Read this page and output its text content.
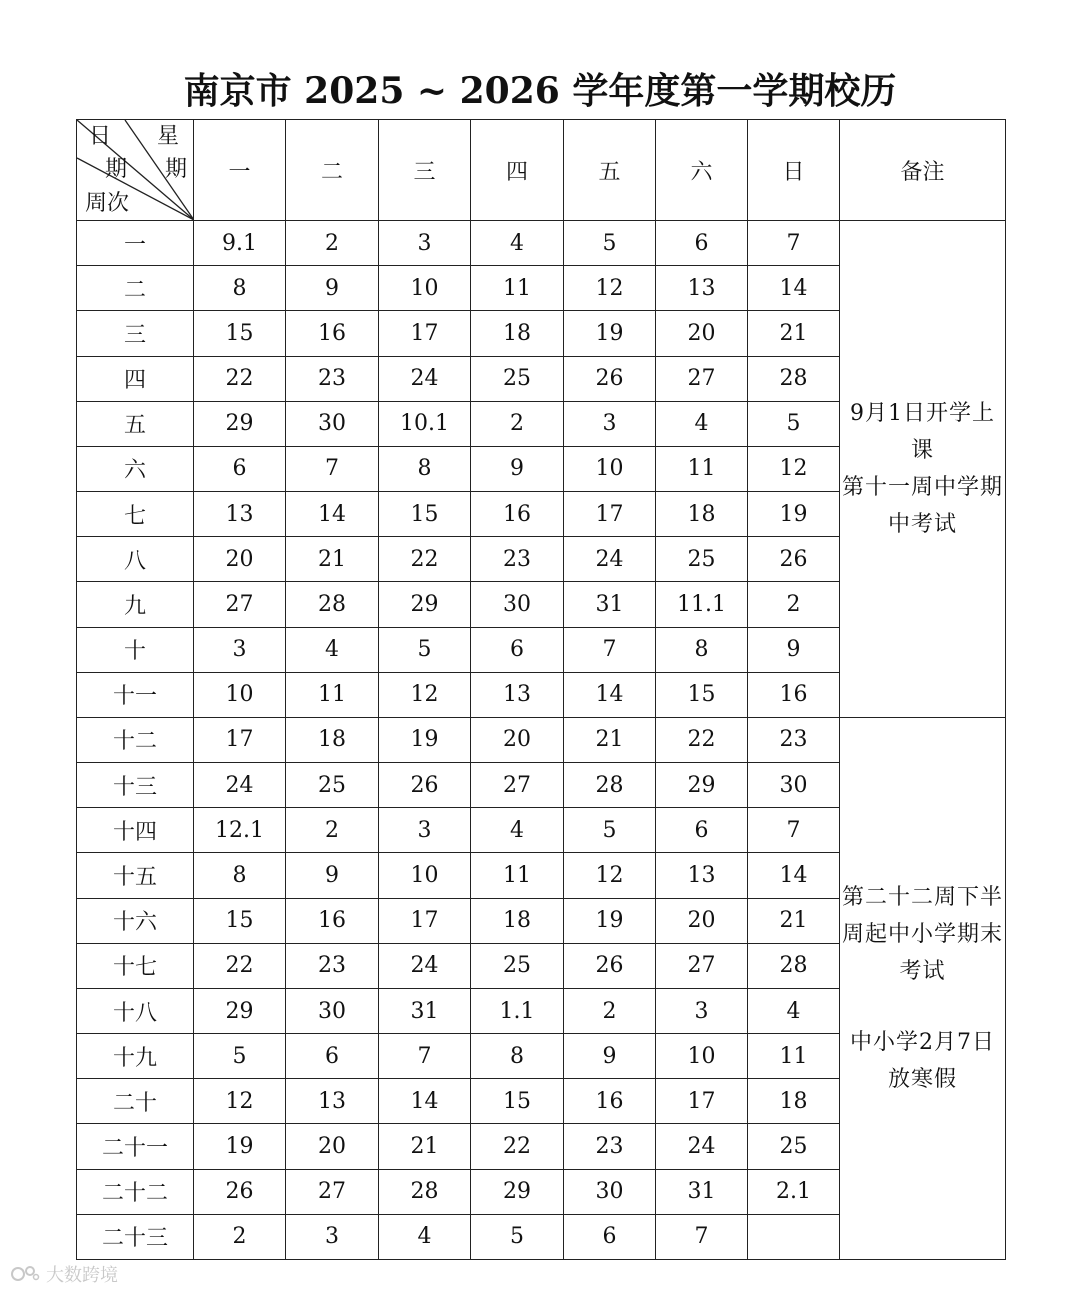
南京市 2025 ~ 2026 学年度第一学期校历
日
期
星
期
周次	一	二	三	四	五	六	日	备注
一	9.1	2	3	4	5	6	7	9月1日开学上课
第十一周中学期
中考试

二	8	9	10	11	12	13	14	
三	15	16	17	18	19	20	21	
四	22	23	24	25	26	27	28	
五	29	30	10.1	2	3	4	5	
六	6	7	8	9	10	11	12	
七	13	14	15	16	17	18	19	
八	20	21	22	23	24	25	26	
九	27	28	29	30	31	11.1	2	
十	3	4	5	6	7	8	9	
十一	10	11	12	13	14	15	16	
十二	17	18	19	20	21	22	23	第二十二周下半
周起中小学期末
考试

中小学2月7日
放寒假

十三	24	25	26	27	28	29	30	
十四	12.1	2	3	4	5	6	7	
十五	8	9	10	11	12	13	14	
十六	15	16	17	18	19	20	21	
十七	22	23	24	25	26	27	28	
十八	29	30	31	1.1	2	3	4	
十九	5	6	7	8	9	10	11	
二十	12	13	14	15	16	17	18	
二十一	19	20	21	22	23	24	25	
二十二	26	27	28	29	30	31	2.1	
二十三	2	3	4	5	6	7		
大数跨境
